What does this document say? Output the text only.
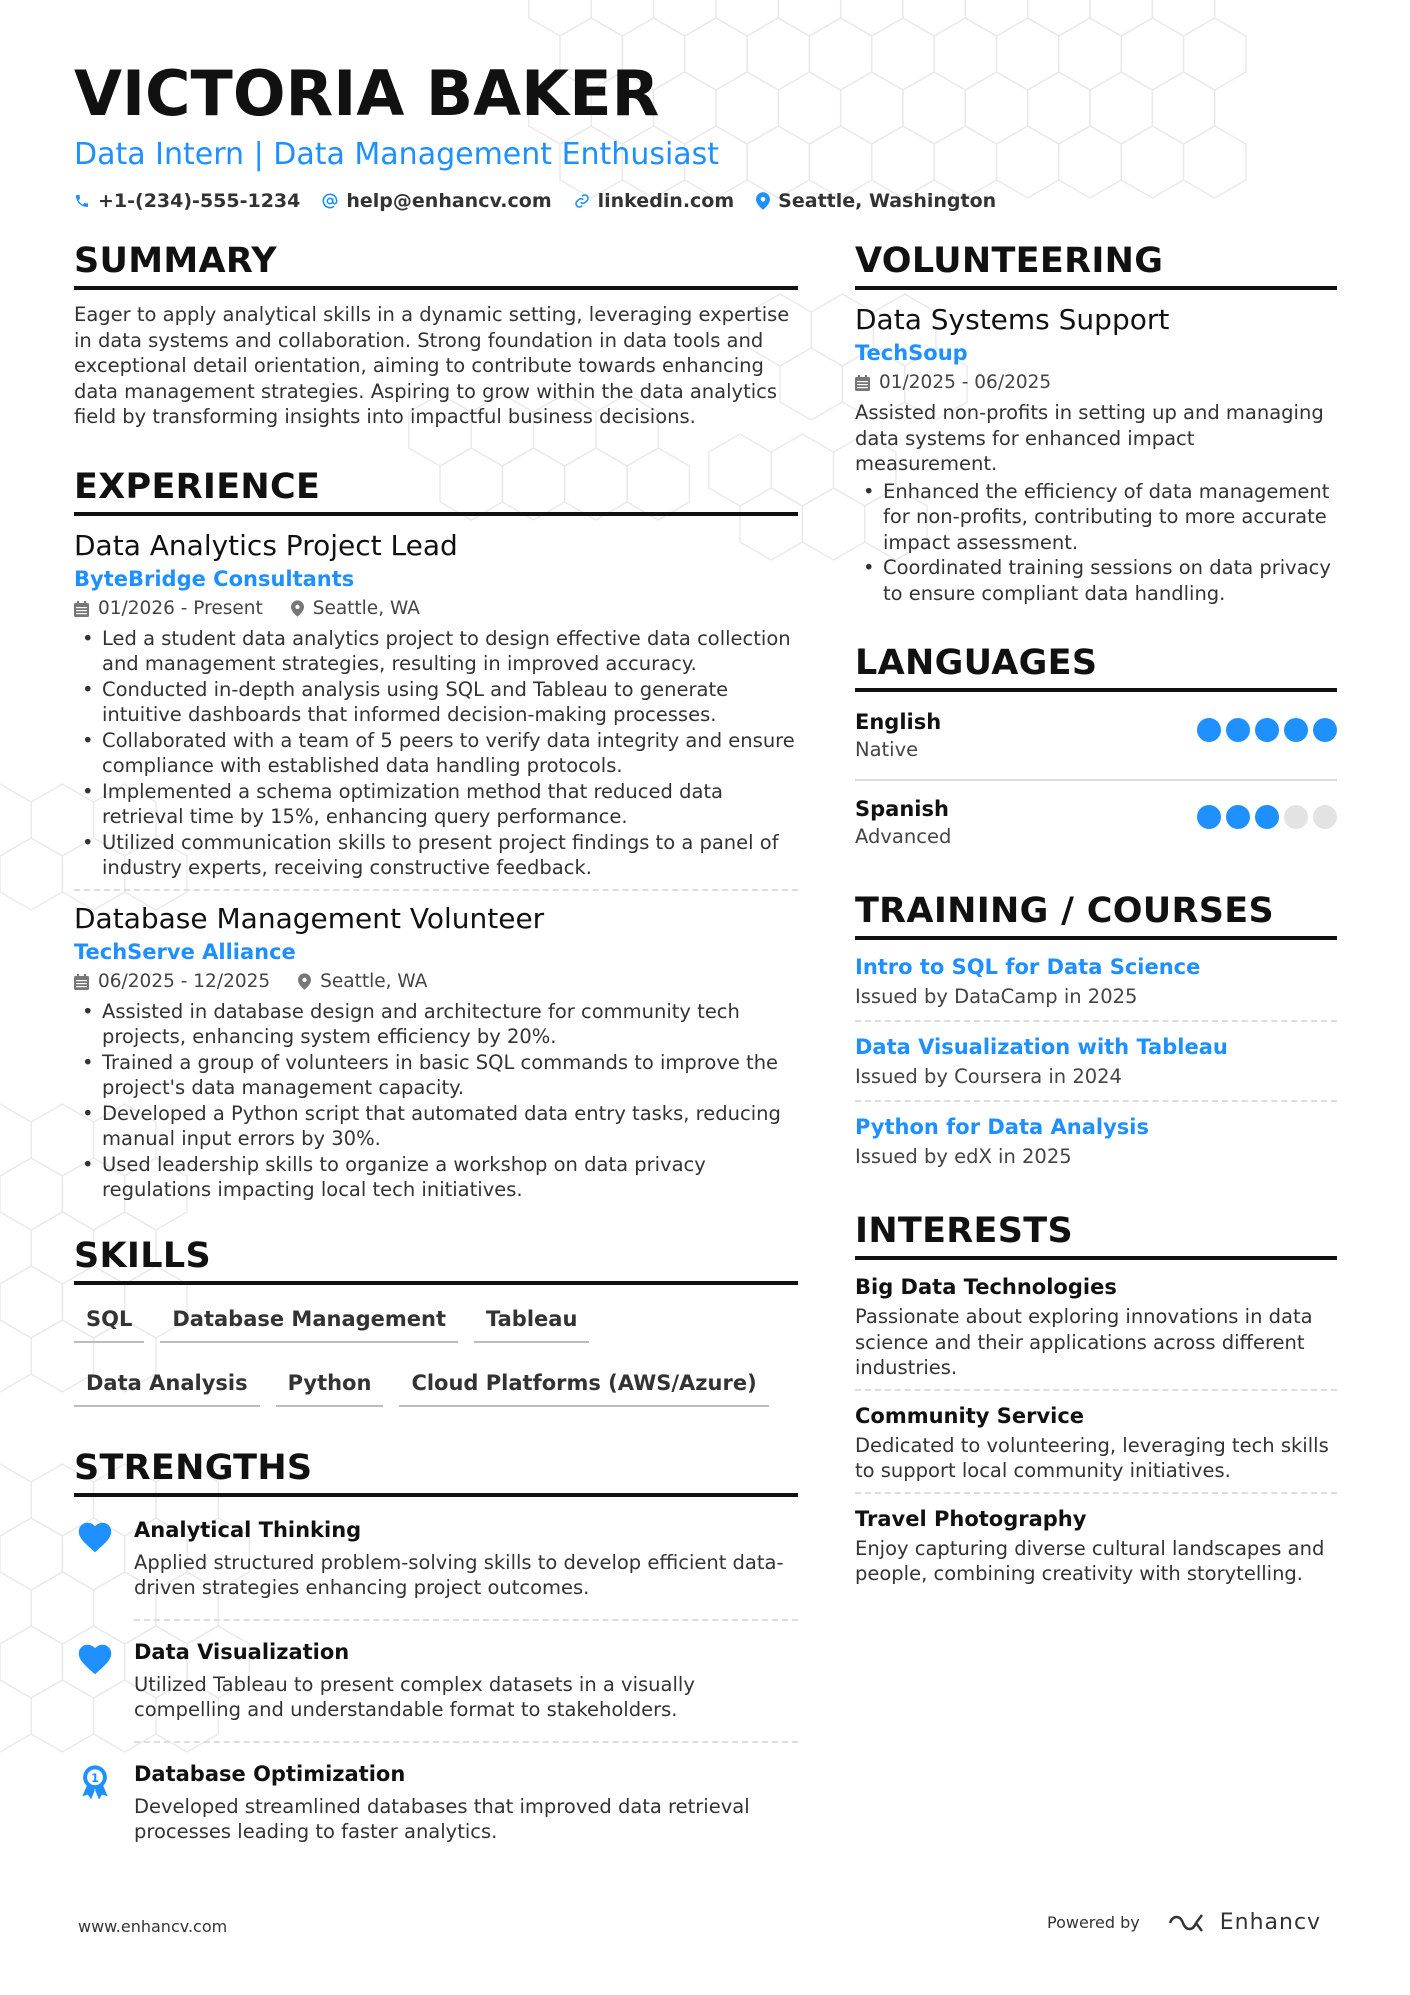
VICTORIA BAKER
Data Intern | Data Management Enthusiast
+1-(234)-555-1234 help@enhancv.com linkedin.com Seattle, Washington
SUMMARY

Eager to apply analytical skills in a dynamic setting, leveraging expertise in data systems and collaboration. Strong foundation in data tools and exceptional detail orientation, aiming to contribute towards enhancing data management strategies. Aspiring to grow within the data analytics field by transforming insights into impactful business decisions.

EXPERIENCE
Data Analytics Project Lead
ByteBridge Consultants
01/2026 - Present	Seattle, WA
• Led a student data analytics project to design effective data collection and management strategies, resulting in improved accuracy.
• Conducted in-depth analysis using SQL and Tableau to generate intuitive dashboards that informed decision-making processes.
• Collaborated with a team of 5 peers to verify data integrity and ensure compliance with established data handling protocols.
• Implemented a schema optimization method that reduced data retrieval time by 15%, enhancing query performance.
• Utilized communication skills to present project findings to a panel of industry experts, receiving constructive feedback.
Database Management Volunteer
TechServe Alliance
06/2025 - 12/2025	Seattle, WA
• Assisted in database design and architecture for community tech projects, enhancing system efficiency by 20%.
• Trained a group of volunteers in basic SQL commands to improve the project's data management capacity.
• Developed a Python script that automated data entry tasks, reducing manual input errors by 30%.
• Used leadership skills to organize a workshop on data privacy regulations impacting local tech initiatives.
SKILLS
SQL	Database Management	Tableau
Data Analysis	Python	Cloud Platforms (AWS/Azure)
STRENGTHS
Analytical Thinking
Applied structured problem-solving skills to develop efficient data-driven strategies enhancing project outcomes.
Data Visualization
Utilized Tableau to present complex datasets in a visually compelling and understandable format to stakeholders.
1 Database Optimization
Developed streamlined databases that improved data retrieval processes leading to faster analytics.
VOLUNTEERING
Data Systems Support
TechSoup
01/2025 - 06/2025

Assisted non-profits in setting up and managing data systems for enhanced impact measurement.

• Enhanced the efficiency of data management for non-profits, contributing to more accurate impact assessment.
• Coordinated training sessions on data privacy to ensure compliant data handling.
LANGUAGES
English
Native
Spanish
Advanced
TRAINING / COURSES
Intro to SQL for Data Science
Issued by DataCamp in 2025
Data Visualization with Tableau
Issued by Coursera in 2024
Python for Data Analysis
Issued by edX in 2025
INTERESTS
Big Data Technologies

Passionate about exploring innovations in data science and their applications across different industries.

Community Service

Dedicated to volunteering, leveraging tech skills to support local community initiatives.

Travel Photography

Enjoy capturing diverse cultural landscapes and people, combining creativity with storytelling.

www.enhancv.com	Powered by	Enhancv
